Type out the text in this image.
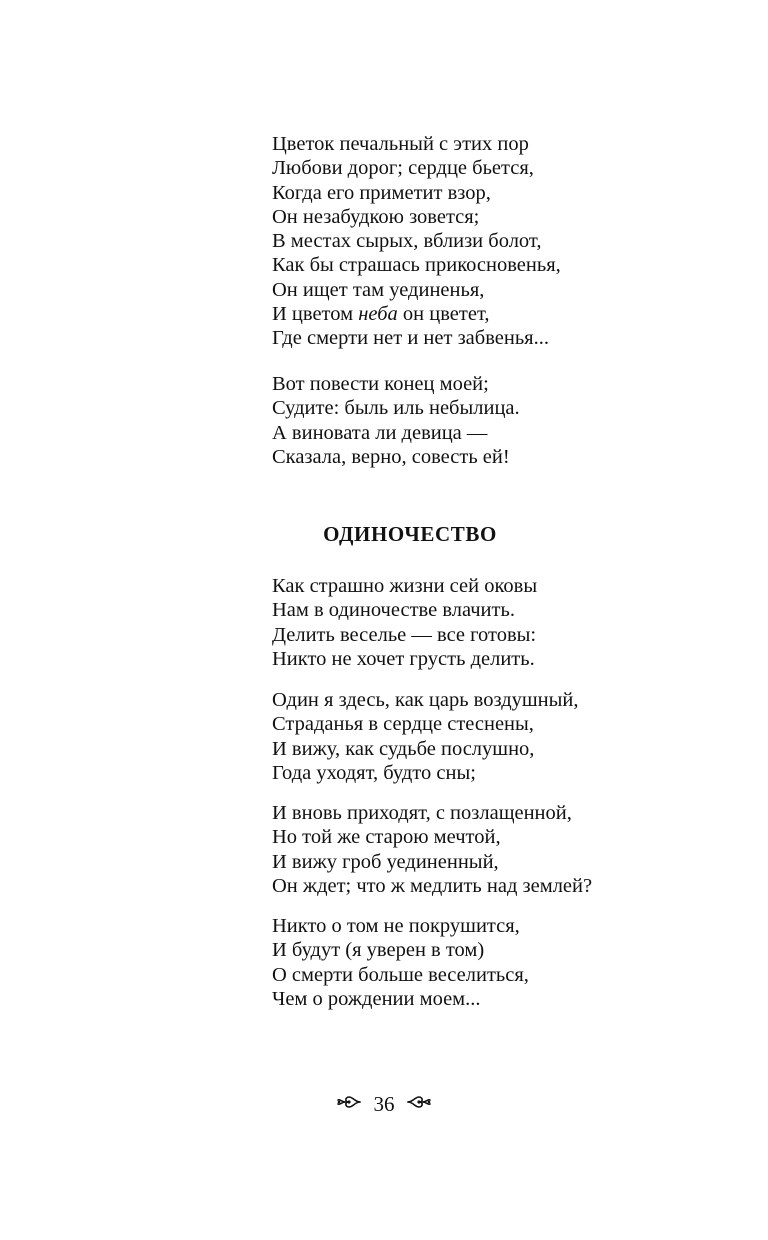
Цветок печальный с этих пор
Любови дорог; сердце бьется,
Когда его приметит взор,
Он незабудкою зовется;
В местах сырых, вблизи болот,
Как бы страшась прикосновенья,
Он ищет там уединенья,
И цветом неба он цветет,
Где смерти нет и нет забвенья...
Вот повести конец моей;
Судите: быль иль небылица.
А виновата ли девица —
Сказала, верно, совесть ей!
ОДИНОЧЕСТВО
Как страшно жизни сей оковы
Нам в одиночестве влачить.
Делить веселье — все готовы:
Никто не хочет грусть делить.
Один я здесь, как царь воздушный,
Страданья в сердце стеснены,
И вижу, как судьбе послушно,
Года уходят, будто сны;
И вновь приходят, с позлащенной,
Но той же старою мечтой,
И вижу гроб уединенный,
Он ждет; что ж медлить над землей?
Никто о том не покрушится,
И будут (я уверен в том)
О смерти больше веселиться,
Чем о рождении моем...
36
